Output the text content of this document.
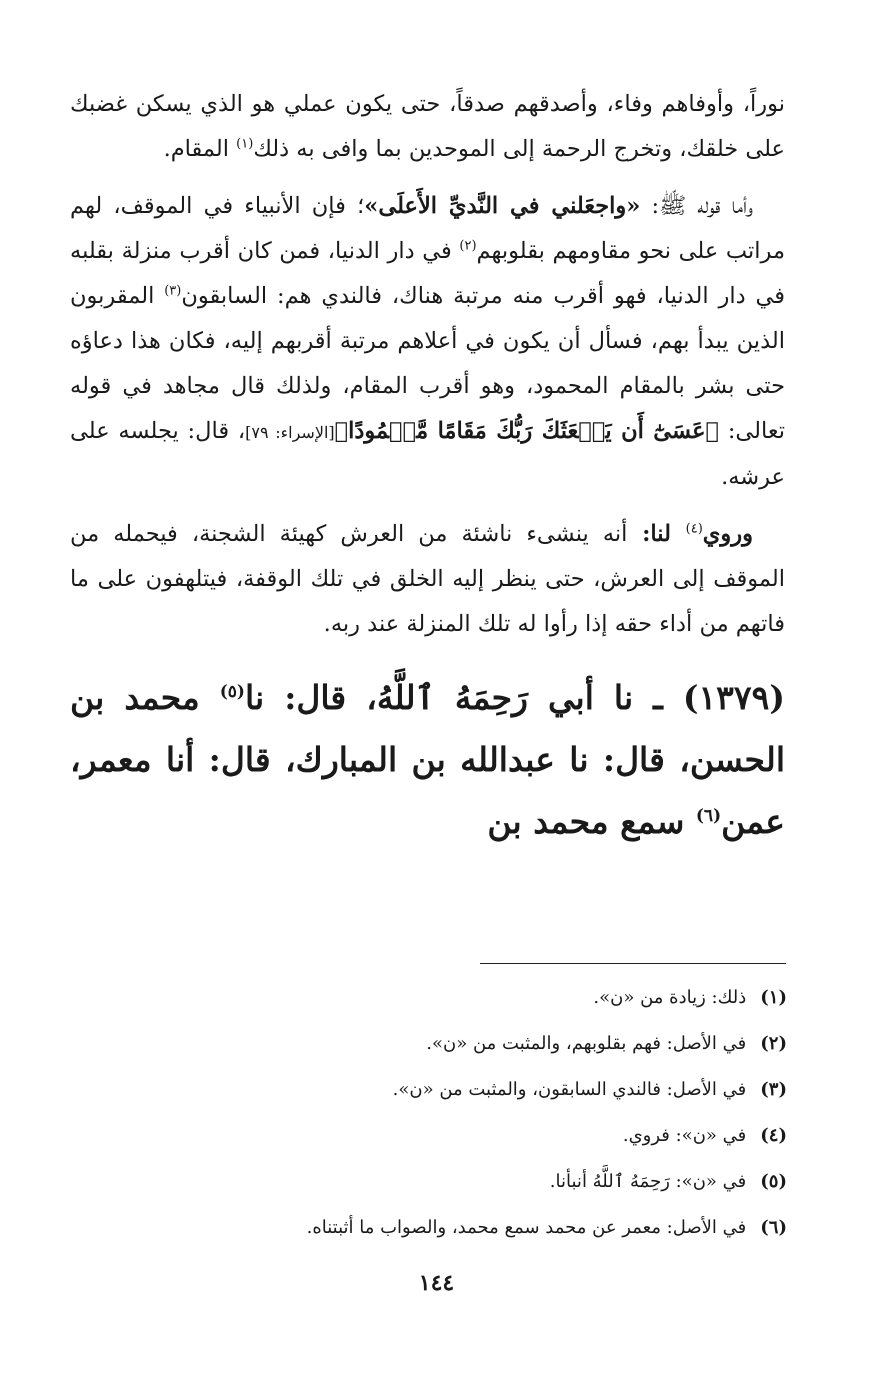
نوراً، وأوفاهم وفاء، وأصدقهم صدقاً، حتى يكون عملي هو الذي يسكن غضبك على خلقك، وتخرج الرحمة إلى الموحدين بما وافى به ذلك$^{(١)}$ المقام.

وأما قوله ﷺ: «واجعَلني في النَّديِّ الأَعلَى»؛ فإن الأنبياء في الموقف، لهم مراتب على نحو مقاومهم بقلوبهم$^{(٢)}$ في دار الدنيا، فمن كان أقرب منزلة بقلبه في دار الدنيا، فهو أقرب منه مرتبة هناك، فالندي هم: السابقون$^{(٣)}$ المقربون الذين يبدأ بهم، فسأل أن يكون في أعلاهم مرتبة أقربهم إليه، فكان هذا دعاؤه حتى بشر بالمقام المحمود، وهو أقرب المقام، ولذلك قال مجاهد في قوله تعالى: ﴿عَسَىٰٓ أَن يَبۡعَثَكَ رَبُّكَ مَقَامًا مَّحۡمُودًا﴾[الإسراء: ٧٩]، قال: يجلسه على عرشه.

وروي$^{(٤)}$ لنا: أنه ينشىء ناشئة من العرش كهيئة الشجنة، فيحمله من الموقف إلى العرش، حتى ينظر إليه الخلق في تلك الوقفة، فيتلهفون على ما فاتهم من أداء حقه إذا رأوا له تلك المنزلة عند ربه.

(١٣٧٩) ـ نا أبي رَحِمَهُ ٱللَّهُ، قال: نا$^{(٥)}$ محمد بن الحسن، قال: نا عبدالله بن المبارك، قال: أنا معمر، عمن$^{(٦)}$ سمع محمد بن

(١)ذلك: زيادة من «ن».
(٢)في الأصل: فهم بقلوبهم، والمثبت من «ن».
(٣)في الأصل: فالندي السابقون، والمثبت من «ن».
(٤)في «ن»: فروي.
(٥)في «ن»: رَحِمَهُ ٱللَّهُ أنبأنا.
(٦)في الأصل: معمر عن محمد سمع محمد، والصواب ما أثبتناه.
١٤٤
